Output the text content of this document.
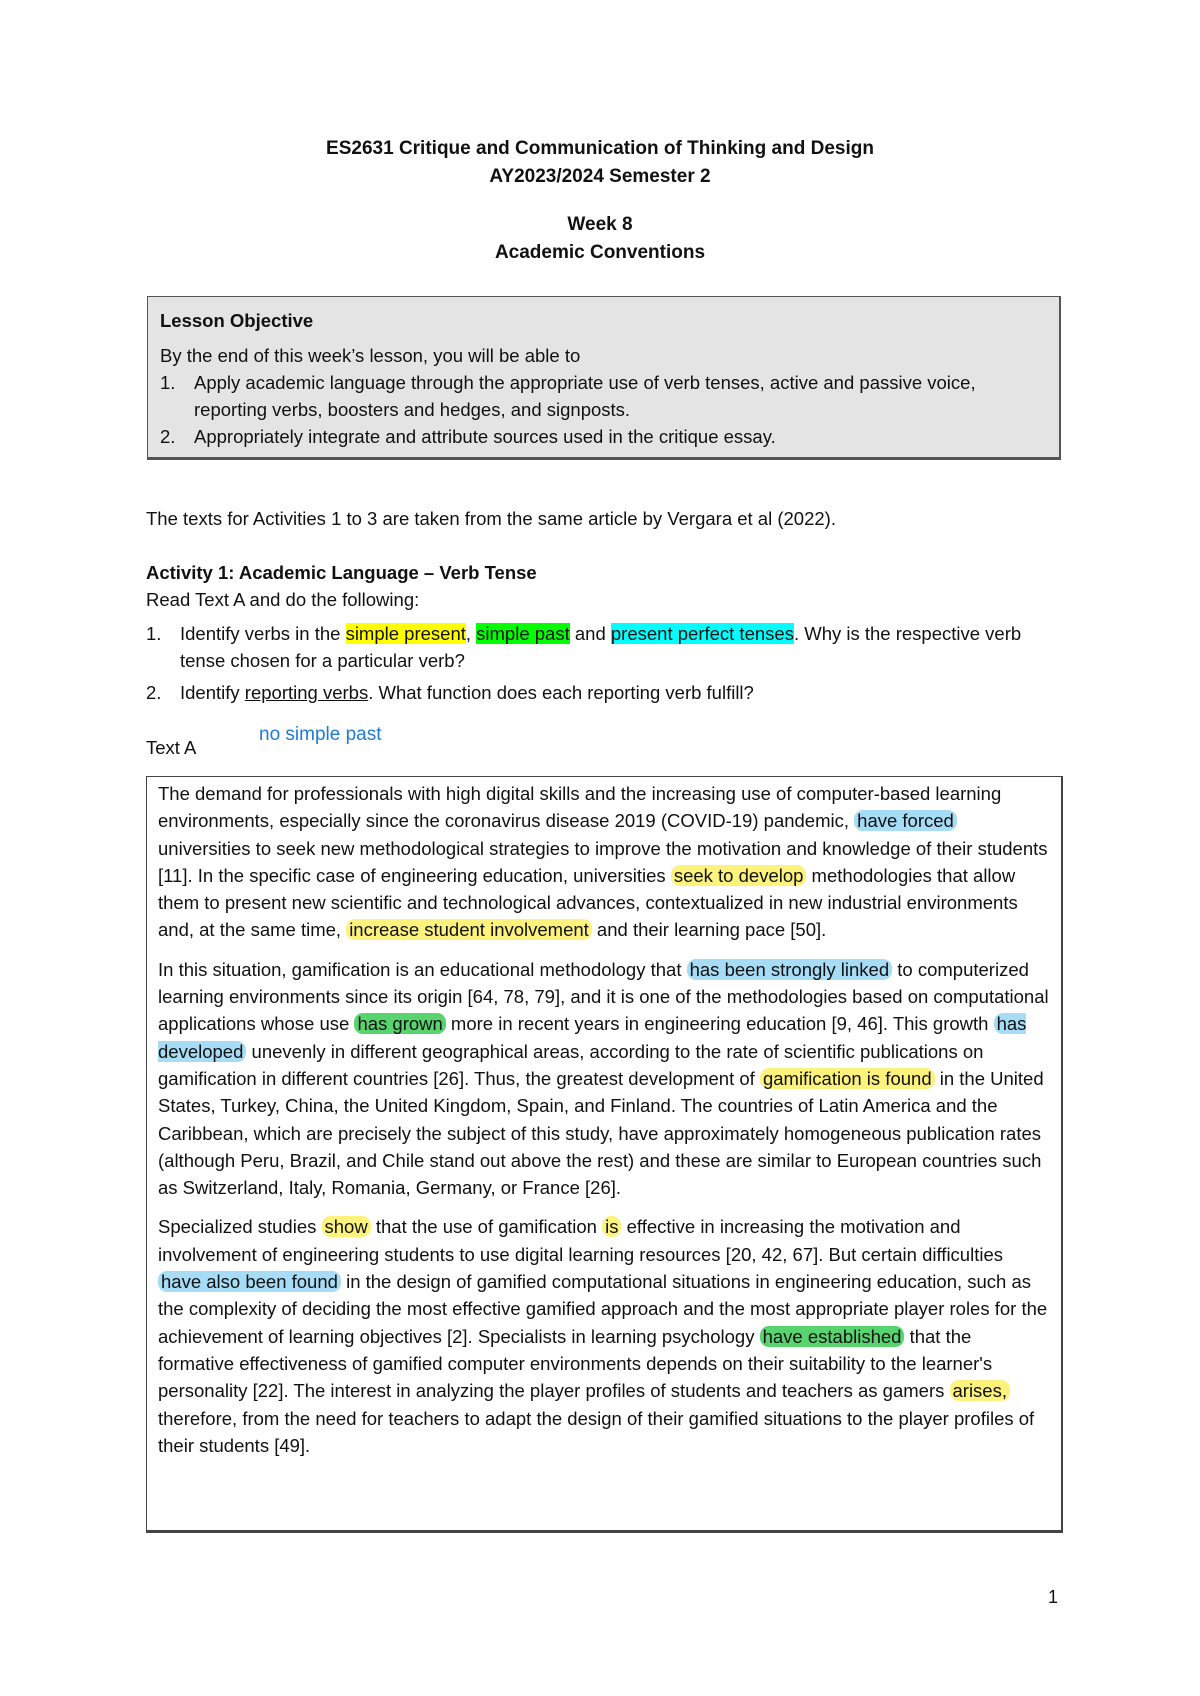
ES2631 Critique and Communication of Thinking and Design
AY2023/2024 Semester 2
Week 8
Academic Conventions
Lesson Objective
By the end of this week’s lesson, you will be able to
1. Apply academic language through the appropriate use of verb tenses, active and passive voice, reporting verbs, boosters and hedges, and signposts.
2. Appropriately integrate and attribute sources used in the critique essay.
The texts for Activities 1 to 3 are taken from the same article by Vergara et al (2022).
Activity 1: Academic Language – Verb Tense
Read Text A and do the following:
1. Identify verbs in the simple present, simple past and present perfect tenses. Why is the respective verb tense chosen for a particular verb?
2. Identify reporting verbs. What function does each reporting verb fulfill?
Text A
no simple past

The demand for professionals with high digital skills and the increasing use of computer-based learning environments, especially since the coronavirus disease 2019 (COVID-19) pandemic, have forced universities to seek new methodological strategies to improve the motivation and knowledge of their students [11]. In the specific case of engineering education, universities seek to develop methodologies that allow them to present new scientific and technological advances, contextualized in new industrial environments and, at the same time, increase student involvement and their learning pace [50].

In this situation, gamification is an educational methodology that has been strongly linked to computerized learning environments since its origin [64, 78, 79], and it is one of the methodologies based on computational applications whose use has grown more in recent years in engineering education [9, 46]. This growth has developed unevenly in different geographical areas, according to the rate of scientific publications on gamification in different countries [26]. Thus, the greatest development of gamification is found in the United States, Turkey, China, the United Kingdom, Spain, and Finland. The countries of Latin America and the Caribbean, which are precisely the subject of this study, have approximately homogeneous publication rates (although Peru, Brazil, and Chile stand out above the rest) and these are similar to European countries such as Switzerland, Italy, Romania, Germany, or France [26].

Specialized studies show that the use of gamification is effective in increasing the motivation and involvement of engineering students to use digital learning resources [20, 42, 67]. But certain difficulties have also been found in the design of gamified computational situations in engineering education, such as the complexity of deciding the most effective gamified approach and the most appropriate player roles for the achievement of learning objectives [2]. Specialists in learning psychology have established that the formative effectiveness of gamified computer environments depends on their suitability to the learner's personality [22]. The interest in analyzing the player profiles of students and teachers as gamers arises, therefore, from the need for teachers to adapt the design of their gamified situations to the player profiles of their students [49].

1
